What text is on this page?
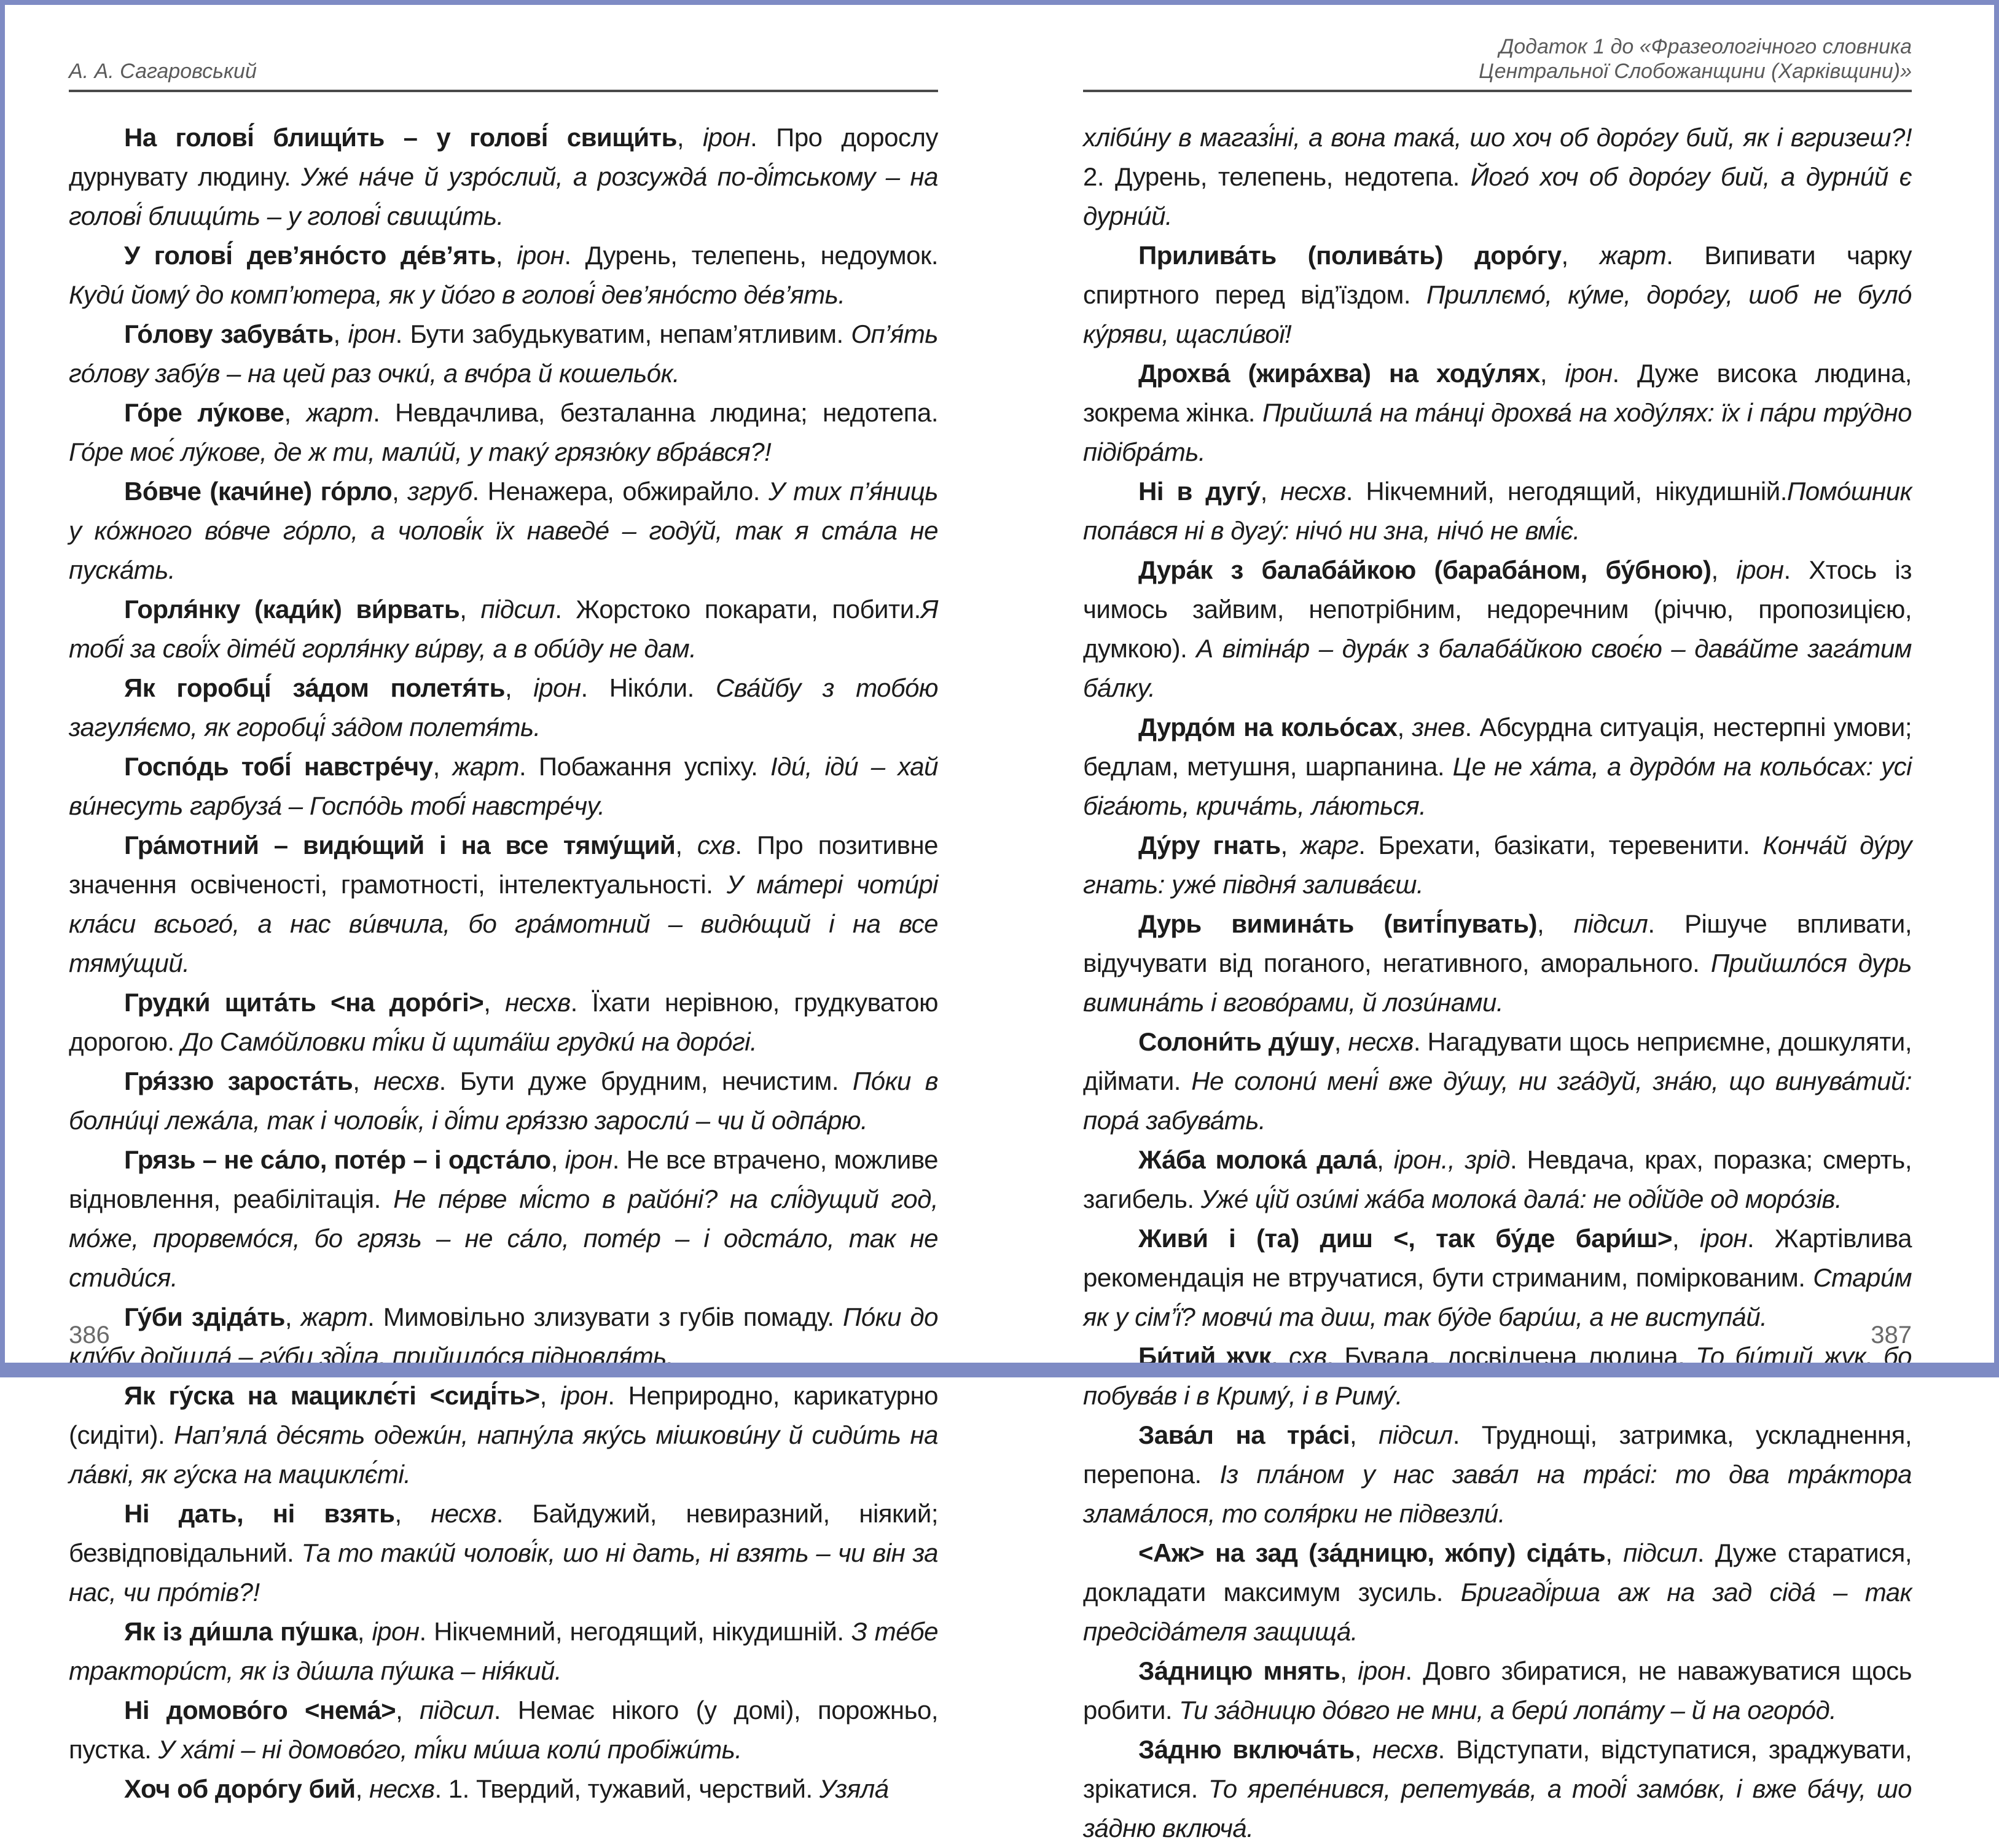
А. А. Сагаровський

На голові́ блищи́ть – у голові́ свищи́ть, ірон. Про дорослу дурнувату людину. Уже́ на́че й узро́слий, а розсужда́ по-ді́тському – на голові́ блищи́ть – у голові́ свищи́ть.

У голові́ дев’яно́сто де́в’ять, ірон. Дурень, телепень, недоумок. Куди́ йому́ до комп’ютера, як у йо́го в голові́ дев’яно́сто де́в’ять.

Го́лову забува́ть, ірон. Бути забудькуватим, непам’ятливим. Оп’я́ть го́лову забу́в – на цей раз очки́, а вчо́ра й кошельо́к.

Го́ре лу́кове, жарт. Невдачлива, безталанна людина; недотепа. Го́ре моє́ лу́кове, де ж ти, мали́й, у таку́ грязю́ку вбра́вся?!

Во́вче (качи́не) го́рло, згруб. Ненажера, обжирайло. У тих п’я́ниць у ко́жного во́вче го́рло, а чолові́к їх наведе́ – году́й, так я ста́ла не пуска́ть.

Горля́нку (кади́к) ви́рвать, підсил. Жорстоко покарати, побити.Я тобі́ за свої́х діте́й горля́нку ви́рву, а в оби́ду не дам.

Як горобці́ за́дом полетя́ть, ірон. Ніко́ли. Сва́йбу з тобо́ю загуля́ємо, як горобці́ за́дом полетя́ть.

Госпо́дь тобі́ навстре́чу, жарт. Побажання успіху. Іди́, іди́ – хай ви́несуть гарбуза́ – Госпо́дь тобі́ навстре́чу.

Гра́мотний – видю́щий і на все тяму́щий, схв. Про позитивне значення освіченості, грамотності, інтелектуальності. У ма́тері чоти́рі кла́си всього́, а нас ви́вчила, бо гра́мотний – видю́щий і на все тяму́щий.

Грудки́ щита́ть <на доро́гі>, несхв. Їхати нерівною, грудкуватою дорогою. До Само́йловки ті́ки й щита́їш грудки́ на доро́гі.

Гря́ззю зароста́ть, несхв. Бути дуже брудним, нечистим. По́ки в болни́ці лежа́ла, так і чолові́к, і ді́ти гря́ззю заросли́ – чи й одпа́рю.

Грязь – не са́ло, поте́р – і одста́ло, ірон. Не все втрачено, можливе відновлення, реабілітація. Не пе́рве мі́сто в райо́ні? на слі́дущий год, мо́же, прорвемо́ся, бо грязь – не са́ло, поте́р – і одста́ло, так не стиди́ся.

Гу́би здіда́ть, жарт. Мимовільно злизувати з губів помаду. По́ки до клу́бу дойшла́ – гу́би зді́ла, прийшло́ся підновля́ть.

Як гу́ска на мациклє́ті <сиді́ть>, ірон. Неприродно, карикатурно (сидіти). Нап’яла́ де́сять одежи́н, напну́ла яку́сь мішкови́ну й сиди́ть на ла́вкі, як гу́ска на мациклє́ті.

Ні дать, ні взять, несхв. Байдужий, невиразний, ніякий; безвідповідальний. Та то таки́й чолові́к, шо ні дать, ні взять – чи він за нас, чи про́тів?!

Як із ди́шла пу́шка, ірон. Нікчемний, негодящий, нікудишній. З те́бе трактори́ст, як із ди́шла пу́шка – нія́кий.

Ні домово́го <нема́>, підсил. Немає нікого (у домі), порожньо, пустка. У ха́ті – ні домово́го, ті́ки ми́ша коли́ пробіжи́ть.

Хоч об доро́гу бий, несхв. 1. Твердий, тужавий, черствий. Узяла́

386
Додаток 1 до «Фразеологічного словника
Центральної Слобожанщини (Харківщини)»

хліби́ну в магазі́ні, а вона така́, шо хоч об доро́гу бий, як і вгризеш?! 2. Дурень, телепень, недотепа. Його́ хоч об доро́гу бий, а дурни́й є дурни́й.

Прилива́ть (полива́ть) доро́гу, жарт. Випивати чарку спиртного перед від’їздом. Приллємо́, ку́ме, доро́гу, шоб не було́ ку́ряви, щасли́вої!

Дрохва́ (жира́хва) на ходу́лях, ірон. Дуже висока людина, зокрема жінка. Прийшла́ на та́нці дрохва́ на ходу́лях: їх і па́ри тру́дно підібра́ть.

Ні в дугу́, несхв. Нікчемний, негодящий, нікудишній.Помо́шник попа́вся ні в дугу́: нічо́ ни зна, нічо́ не вмі́є.

Дура́к з балаба́йкою (бараба́ном, бу́бною), ірон. Хтось із чимось зайвим, непотрібним, недоречним (річчю, пропозицією, думкою). А вітіна́р – дура́к з балаба́йкою своє́ю – дава́йте зага́тим ба́лку.

Дурдо́м на кольо́сах, знев. Абсурдна ситуація, нестерпні умови; бедлам, метушня, шарпанина. Це не ха́та, а дурдо́м на кольо́сах: усі біга́ють, крича́ть, ла́ються.

Ду́ру гнать, жарг. Брехати, базікати, теревенити. Конча́й ду́ру гнать: уже́ півдня́ залива́єш.

Дурь вимина́ть (виті́пувать), підсил. Рішуче впливати, відучувати від поганого, негативного, аморального. Прийшло́ся дурь вимина́ть і вгово́рами, й лози́нами.

Солони́ть ду́шу, несхв. Нагадувати щось неприємне, дошкуляти, діймати. Не солони́ мені́ вже ду́шу, ни зга́дуй, зна́ю, що винува́тий: пора́ забува́ть.

Жа́ба молока́ дала́, ірон., зрід. Невдача, крах, поразка; смерть, загибель. Уже́ ці́й ози́мі жа́ба молока́ дала́: не оді́йде од моро́зів.

Живи́ і (та) диш <, так бу́де бари́ш>, ірон. Жартівлива рекомендація не втручатися, бути стриманим, поміркованим. Стари́м як у сім’ї́? мовчи́ та диш, так бу́де бари́ш, а не виступа́й.

Би́тий жук, схв. Бувала, досвідчена людина. То би́тий жук, бо побува́в і в Криму́, і в Риму́.

Зава́л на тра́сі, підсил. Труднощі, затримка, ускладнення, перепона. Із пла́ном у нас зава́л на тра́сі: то два тра́ктора злама́лося, то соля́рки не підвезли́.

<Аж> на зад (за́дницю, жо́пу) сіда́ть, підсил. Дуже старатися, докладати максимум зусиль. Бригаді́рша аж на зад сіда́ – так предсіда́теля защища́.

За́дницю мнять, ірон. Довго збиратися, не наважуватися щось робити. Ти за́дницю до́вго не мни, а бери́ лопа́ту – й на огоро́д.

За́дню включа́ть, несхв. Відступати, відступатися, зраджувати, зрікатися. То ярепе́нився, репетува́в, а тоді́ замо́вк, і вже ба́чу, шо за́дню включа́.

387
